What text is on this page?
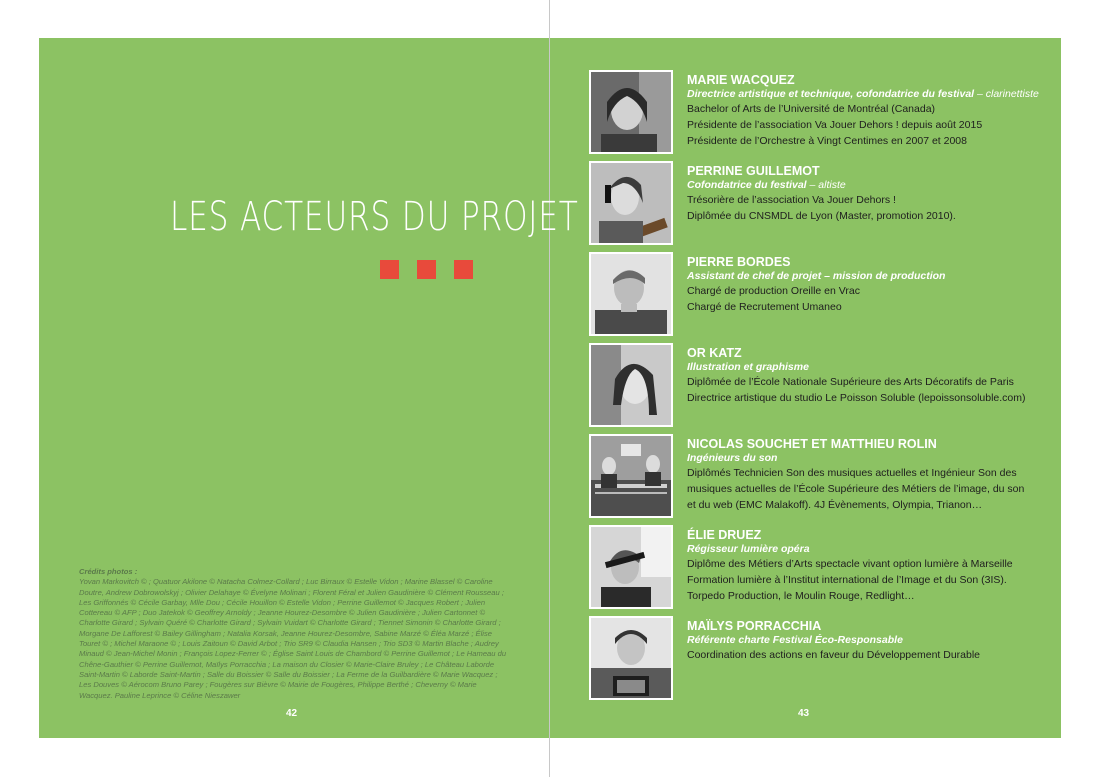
LES ACTEURS DU PROJET
Crédits photos :
Yovan Markovitch © ; Quatuor Akilone © Natacha Colmez-Collard ; Luc Birraux © Estelle Vidon ; Marine Blassel © Caroline Doutre, Andrew Dobrowolskyj ; Olivier Delahaye © Évelyne Molinari ; Florent Féral et Julien Gaudinière © Clément Rousseau ; Les Griffonnés © Cécile Garbay, Mlle Dou ; Cécile Houillon © Estelle Vidon ; Perrine Guillemot © Jacques Robert ; Julien Cottereau © AFP ; Duo Jatekok © Geoffrey Arnoldy ; Jeanne Hourez-Desombre © Julien Gaudinière ; Julien Cartonnet © Charlotte Girard ; Sylvain Quéré © Charlotte Girard ; Sylvain Vuidart © Charlotte Girard ; Tiennet Simonin © Charlotte Girard ; Morgane De Lafforest © Bailey Gillingham ; Natalia Korsak, Jeanne Hourez-Desombre, Sabine Marzé © Éléa Marzé ; Élise Touret © ; Michel Maraone © ; Louis Zaitoun © David Arbot ; Trio SR9 © Claudia Hansen ; Trio SD3 © Martin Blache ; Audrey Minaud © Jean-Michel Monin ; François Lopez-Ferrer © ; Église Saint Louis de Chambord © Perrine Guillemot ; Le Hameau du Chêne-Gauthier © Perrine Guillemot, Maïlys Porracchia ; La maison du Closier © Marie-Claire Bruley ; Le Château Laborde Saint-Martin © Laborde Saint-Martin ; Salle du Boissier © Salle du Boissier ; La Ferme de la Guilbardière © Marie Wacquez ; Les Douves © Aérocom Bruno Parey ; Fougères sur Bièvre © Mairie de Fougères, Philippe Berthé ; Cheverny © Marie Wacquez. Pauline Leprince © Céline Nieszawer
42
MARIE WACQUEZ
Directrice artistique et technique, cofondatrice du festival – clarinettiste
Bachelor of Arts de l’Université de Montréal (Canada)
Présidente de l’association Va Jouer Dehors ! depuis août 2015
Présidente de l’Orchestre à Vingt Centimes en 2007 et 2008
PERRINE GUILLEMOT
Cofondatrice du festival – altiste
Trésorière de l’association Va Jouer Dehors !
Diplômée du CNSMDL de Lyon (Master, promotion 2010).
PIERRE BORDES
Assistant de chef de projet – mission de production
Chargé de production Oreille en Vrac
Chargé de Recrutement Umaneo
OR KATZ
Illustration et graphisme
Diplômée de l’École Nationale Supérieure des Arts Décoratifs de Paris
Directrice artistique du studio Le Poisson Soluble (lepoissonsoluble.com)
NICOLAS SOUCHET ET MATTHIEU ROLIN
Ingénieurs du son
Diplômés Technicien Son des musiques actuelles et Ingénieur Son des musiques actuelles de l’École Supérieure des Métiers de l’image, du son et du web (EMC Malakoff). 4J Évènements, Olympia, Trianon…
ÉLIE DRUEZ
Régisseur lumière opéra
Diplôme des Métiers d’Arts spectacle vivant option lumière à Marseille
Formation lumière à l’Institut international de l’Image et du Son (3IS).
Torpedo Production, le Moulin Rouge, Redlight…
MAÏLYS PORRACCHIA
Référente charte Festival Éco-Responsable
Coordination des actions en faveur du Développement Durable
43
